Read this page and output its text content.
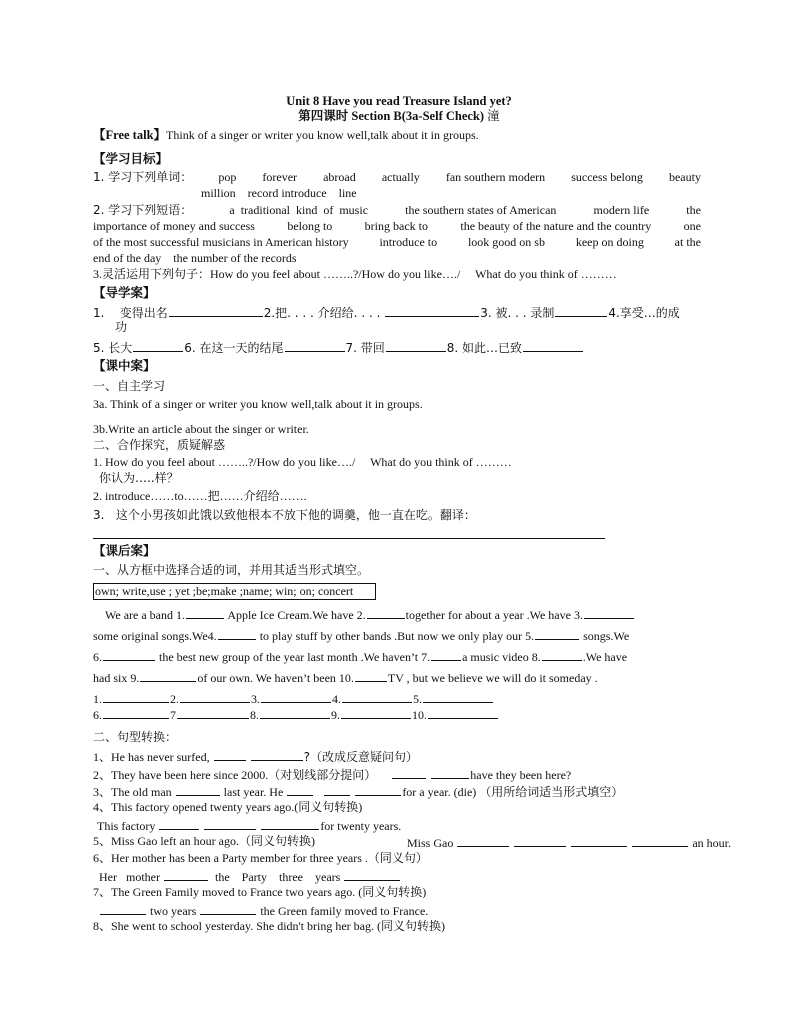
Unit 8 Have you read Treasure Island yet?
第四课时 Section B(3a-Self Check) 潼
【Free talk】Think of a singer or writer you know well,talk about it in groups.
【学习目标】
1. 学习下列单词： pop forever abroad actually fan southern modern success belong beauty
million    record introduce    line
2. 学习下列短语：	a  traditional  kind  of  music	the southern states of American	modern life	the
importance of money and success	belong to	bring back to	the beauty of the nature and the country	one
of the most successful musicians in American history	introduce to	look good on sb	keep on doing	at the
end of the day    the number of the records
3.灵活运用下列句子：How do you feel about ……..?/How do you like…./     What do you think of ………
【导学案】
1.    变得出名	2.把. . . . 介绍给. . . .	3. 被. . . 录制	4.享受…的成
功
5. 长大	6. 在这一天的结尾	7. 带回	8. 如此…已致
【课中案】
一、自主学习
3a. Think of a singer or writer you know well,talk about it in groups.
3b.Write an article about the singer or writer.
二、合作探究，质疑解惑
1. How do you feel about ……..?/How do you like…./     What do you think of ………
你认为…..样？
2. introduce……to……把……介绍给…….
3.   这个小男孩如此饿以致他根本不放下他的调羹，他一直在吃。翻译：
【课后案】
一、从方框中选择合适的词，并用其适当形式填空。
own; write,use ; yet ;be;make ;name; win; on; concert
We are a band 1.	Apple Ice Cream.We have 2.	together for about a year .We have 3.
some original songs.We4.	to play stuff by other bands .But now we only play our 5.	songs.We
6.	the best new group of the year last month .We haven’t 7.	a music video 8.	.We have
had six 9.	of our own. We haven’t been 10.	TV , but we believe we will do it someday .
1.	2.	3.	4.	5.
6.	7	8.	9.	10.
二、句型转换：
1、He has never surfed,	?（改成反意疑问句）
2、They have been here since 2000.（对划线部分提问）	have they been here?
3、The old man	last year. He	for a year. (die) （用所给词适当形式填空）
4、This factory opened twenty years ago.(同义句转换)
This factory	for twenty years.
5、Miss Gao left an hour ago.（同义句转换)	Miss Gao	an hour.
6、Her mother has been a Party member for three years .（同义句）
Her mother	the Party three years
7、The Green Family moved to France two years ago. (同义句转换)
two years	the Green family moved to France.
8、She went to school yesterday. She didn't bring her bag. (同义句转换)
